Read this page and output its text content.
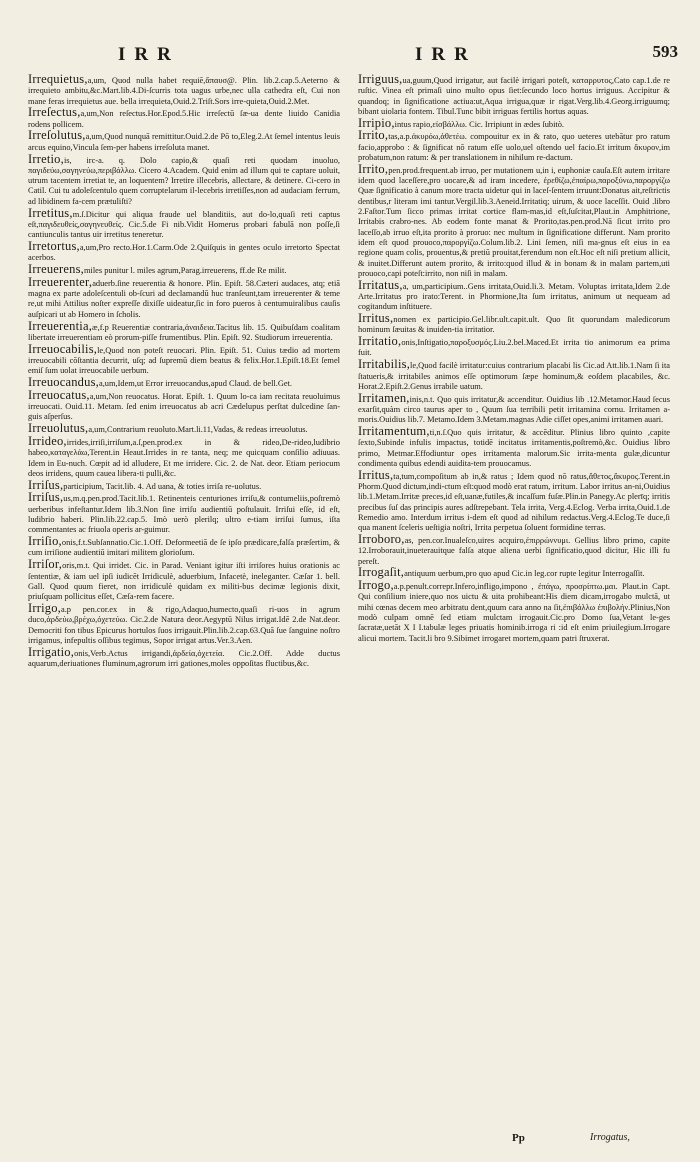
IRR	IRR	593

Irrequietus,a,um, Quod nulla habet requiē,ἄπαυσ@. Plin. lib.2.cap.5.Aeterno & irrequieto ambitu,&c.Mart.lib.4.Di-ſcurris tota uagus urbe,nec ulla cathedra eſt, Cui non mane feras irrequietus aue. bella irrequieta,Ouid.2.Triſt.Sors irre-quieta,Ouid.2.Met.

Irreſectus,a,um,Non reſectus.Hor.Epod.5.Hic irreſectū ſæ-ua dente liuido Canidia rodens pollicem.

Irreſolutus,a,um,Quod nunquā remittitur.Ouid.2.de Pō to,Eleg.2.At ſemel intentus leuis arcus equino,Vincula ſem-per habens irreſoluta manet.

Irretio,is, irc-a. q. Dolo capio,& quaſi reti quodam inuoluo, παγιδεύω,σαγηνεύω,περιβάλλω. Cicero 4.Academ. Quid enim ad illum qui te captare uoluit, utrum tacentem irretiat te, an loquentem? Irretire illecebris, allectare, & detinere. Ci-cero in Catil. Cui tu adoleſcentulo quem corruptelarum il-lecebris irretiſſes,non ad audaciam ferrum, ad libidinem fa-cem prætuliſti?

Irretitus,m.ſ.Dicitur qui aliqua fraude uel blanditiis, aut do-lo,quaſi reti captus eſt,παγιδευθείς,σαγηνευθείς. Cic.5.de Fi nib.Vidit Homerus probari fabulā non poſſe,ſi cantiunculis tantus uir irretitus teneretur.

Irretortus,a,um,Pro recto.Hor.1.Carm.Ode 2.Quiſquis in gentes oculo irretorto Spectat acerbos.

Irreuerens,miles punitur l. miles agrum,Parag.irreuerens, ff.de Re milit.

Irreuerenter,aduerb.ſine reuerentia & honore. Plin. Epiſt. 58.Cæteri audaces, atq; etiā magna ex parte adoleſcentuli ob-ſcuri ad declamandū huc tranſeunt,tam irreuerenter & teme re,ut mihi Attilius noſter expreſſe dixiſſe uideatur,ſic in foro pueros à centumuiralibus cauſis auſpicari ut ab Homero in ſcholis.

Irreuerentia,æ,f.p Reuerentiæ contraria,ἀναιδεια.Tacitus lib. 15. Quibuſdam coalitam libertate irreuerentiam eò prorum-piſſe frumentibus. Plin. Epiſt. 92. Studiorum irreuerentia.

Irreuocabilis,le,Quod non poteſt reuocari. Plin. Epiſt. 51. Cuius tædio ad mortem irreuocabili cōſtantia decurrit, uſq; ad ſupremū diem beatus & felix.Hor.1.Epiſt.18.Et ſemel emiſ ſum uolat irreuocabile uerbum.

Irreuocandus,a,um,Idem,ut Error irreuocandus,apud Claud. de bell.Get.

Irreuocatus,a,um,Non reuocatus. Horat. Epiſt. 1. Quum lo-ca iam recitata reuoluimus irreuocati. Ouid.11. Metam. ſed enim irreuocatus ab acri Cædelupus perſtat dulcedine ſan-guis aſperſus.

Irreuolutus,a,um,Contrarium reuoluto.Mart.li.11,Vadas, & redeas irreuolutus.

Irrideo,irrides,irriſi,irriſum,a.ſ,pen.prod.ex in & rideo,De-rideo,ludibrio habeo,καταγελάω,Terent.in Heaut.Irrides in re tanta, neq; me quicquam conſilio adiuuas. Idem in Eu-nuch. Cœpit ad id alludere, Et me irridere. Cic. 2. de Nat. deor. Etiam periocum deos irridens, quum cauea libera-ti pulli,&c.

Irriſus,participium, Tacit.lib. 4. Ad uana, & toties irriſa re-uolutus.

Irriſus,us,m.q.pen.prod.Tacit.lib.1. Retinenteis centuriones irriſu,& contumeliis,poſtremò uerberibus infeſtantur.Idem lib.3.Non ſine irriſu audientiū poſtulauit. Irriſui eſſe, id eſt, ludibrio haberi. Plin.lib.22.cap.5. Imò uerò plerilq; ultro e-tiam irriſui ſumus, iſta commentantes ac friuola operis ar-guimur.

Irriſio,onis,f.t.Subſannatio.Cic.1.Off. Deformeetiā de ſe ipſo prædicare,falſa præſertim, & cum irriſione audientiū imitari militem glorioſum.

Irriſor,oris,m.t. Qui irridet. Cic. in Parad. Veniant igitur iſti irriſores huius orationis ac ſententiæ, & iam uel ipſi iudicēt Irridiculè, aduerbium, Infacetè, ineleganter. Cæſar 1. bell. Gall. Quod quum fieret, non irridiculè quidam ex militi-bus decimæ legionis dixit, priuſquam pollicitus eſſet, Cæſa-rem facere.

Irrigo,a.p pen.cor.ex in & rigo,Adaquo,humecto,quaſi ri-uos in agrum duco,ἀρδεύω,βρέχω,ὀχετεύω. Cic.2.de Natura deor.Aegyptū Nilus irrigat.Idē 2.de Nat.deor. Democriti fon tibus Epicurus hortulos ſuos irrigauit.Plin.lib.2.cap.63.Quā ſue ſanguine noſtro irrigamus, infepultis oſſibus tegimus, Sopor irrigat artus.Ver.3.Aen.

Irrigatio,onis,Verb.Actus irrigandi,ἀρδεία,ὀχετεία. Cic.2.Off. Adde ductus aquarum,deriuationes fluminum,agrorum irri gationes,moles oppoſitas fluctibus,&c.

Irriguus,ua,guum,Quod irrigatur, aut facilè irrigari poteſt, καταρρυτος,Cato cap.1.de re ruſtic. Vinea eſt primaſi uino multo opus ſiet:ſecundo loco hortus irriguus. Accipitur & quandoq; in ſignificatione actiua:ut,Aqua irrigua,quæ ir rigat.Verg.lib.4.Georg.irriguumq; bibant uiolaria fontem. Tibul.Tunc bibit irriguas fertilis hortus aquas.

Irripio,intus rapio,εἰσβάλλω. Cic. Irripiunt in ædes ſubitò.

Irrito,tas,a.p.ἀκυρόω,ἀθετέω. compouitur ex in & rato, quo ueteres utebātur pro ratum facio,approbo : & ſignificat nō ratum eſſe uolo,uel oſtendo uel facio.Et irritum ἄκυρον,im probatum,non ratum: & per translationem in nihilum re-dactum.

Irrito,pen.prod.frequent.ab irruo, per mutationem u,in i, euphoniæ cauſa.Eſt autem irritare idem quod laceſſere,pro uocare,& ad iram incedere, ἐρεθίζω,ἐπαίρω,παροξύνω,παροργίζω Quæ ſignificatio à canum more tracta uidetur qui in laceſ-ſentem irruunt:Donatus ait,reſtrictis dentibus,r literam imi tantur.Vergil.lib.3.Aeneid.Irritatiq; uirum, & uoce laceſſit. Ouid .libro 2.Faſtor.Tum ſicco primas irritat cortice flam-mas,id eſt,ſuſcitat,Plaut.in Amphitrione, Irritabis crabro-nes. Ab eodem fonte manat & Prorito,tas.pen.prod.Nā ſicut irrito pro laceſſo,ab irruo eſt,ita prorito à proruo: nec multum in ſignificatione differunt. Nam prorito idem eſt quod prouoco,παροργίζω.Colum.lib.2. Lini ſemen, niſi ma-gnus eſt eius in ea regione quam colis, prouentus,& pretiū prouitat,ferendum non eſt.Hoc eſt niſi pretium allicit, & inuitet.Differunt autem prorito, & irrito:quod illud & in bonam & in malam partem,uti prouoco,capi poteſt:irrito, non niſi in malam.

Irritatus,a, um,participium..Gens irritata,Ouid.li.3. Metam. Voluptas irritata,Idem 2.de Arte.Irritatus pro irato:Terent. in Phormione,Ita ſum irritatus, animum ut nequeam ad cogitandum inſtituere.

Irritus,nomen ex participio.Gel.libr.ult.capit.ult. Quo ſit quorundam maledicorum hominum ſæuitas & inuiden-tia irritatior.

Irritatio,onis,Inſtigatio,παροξυσμός.Liu.2.bel.Maced.Et irrita tio animorum ea prima fuit.

Irritabilis,le,Quod facilè irritatur:cuius contrarium placabi lis Cic.ad Att.lib.1.Nam ſi ita ſtatueris,& irritabiles animos eſſe optimorum ſæpe hominum,& eoſdem placabiles, &c. Horat.2.Epiſt.2.Genus irrabile uatum.

Irritamen,inis,n.t. Quo quis irritatur,& accenditur. Ouidius lib .12.Metamor.Haud ſecus exarſit,quàm circo taurus aper to , Quum ſua terribili petit irritamina cornu. Irritamen a-moris.Ouidius lib.7. Metamo.Idem 3.Metam.magnas Adie ciſſet opes,animi irritamen auari.

Irritamentum,ti,n.ſ.Quo quis irritatur, & accēditur. Plinius libro quinto ,capite ſexto,Subinde infulis impactus, totidē incitatus irritamentis,poſtremò,&c. Ouidius libro primo, Metmar.Effodiuntur opes irritamenta malorum.Sic irrita-menta gulæ,dicuntur condimenta quibus edendi auidita-tem prouocamus.

Irritus,ta,tum,compoſitum ab in,& ratus ; Idem quod nō ratus,ἄθετος,ἄκυρος.Terent.in Phorm.Quod dictum,indi-ctum eſt:quod modò erat ratum, irritum. Labor irritus an-ni,Ouidius lib.1.Metam.Irritæ preces,id eſt,uanæ,futiles,& incaſſum fuſæ.Plin.in Panegy.Ac plerīq; irritis precibus ſuſ das principis aures adſtrepebant. Tela irrita, Verg.4.Eclog. Verba irrita,Ouid.1.de Remedio amo. Interdum irritus i-dem eſt quod ad nihilum redactus.Verg.4.Eclog.Te duce,ſi qua manent ſceleris ueſtigia noſtri, Irrita perpetua ſoluent formidine terras.

Irroboro,as, pen.cor.Inualeſco,uires acquiro,ἐπιρρώννυμι. Gellius libro primo, capite 12.Irroborauit,inueterauitque falſa atque aliena uerbi ſignificatio,quod dicitur, Hic illi fu pereſt.

Irrogaſit,antiquum uerbum,pro quo apud Cic.in leg.cor rupte legitur Interrogaſſit.

Irrogo,a.p.penult.correpr.Infero,infligo,impono , ἐπάγω, προσρίπτω.μαι. Plaut.in Capt. Qui conſilium iniere,quo nos uictu & uita prohibeant:His diem dicam,irrogabo mulctā, ut mihi cœnas decem meo arbitratu dent,quum cara anno na ſit,ἐπιβάλλω ἐπιβολήν.Plinius,Non modò culpam omnē ſed etiam mulctam irrogauit.Cic.pro Domo ſua,Vetant le-ges ſacratæ,uetāt X I I.tabulæ leges priuatis hominib.irroga ri :id eſt enim priuilegium.Irrogare alicui mortem. Tacit.li bro 9.Sibimet irrogaret mortem,quam patri ſtruxerat.

Pp	Irrogatus,
